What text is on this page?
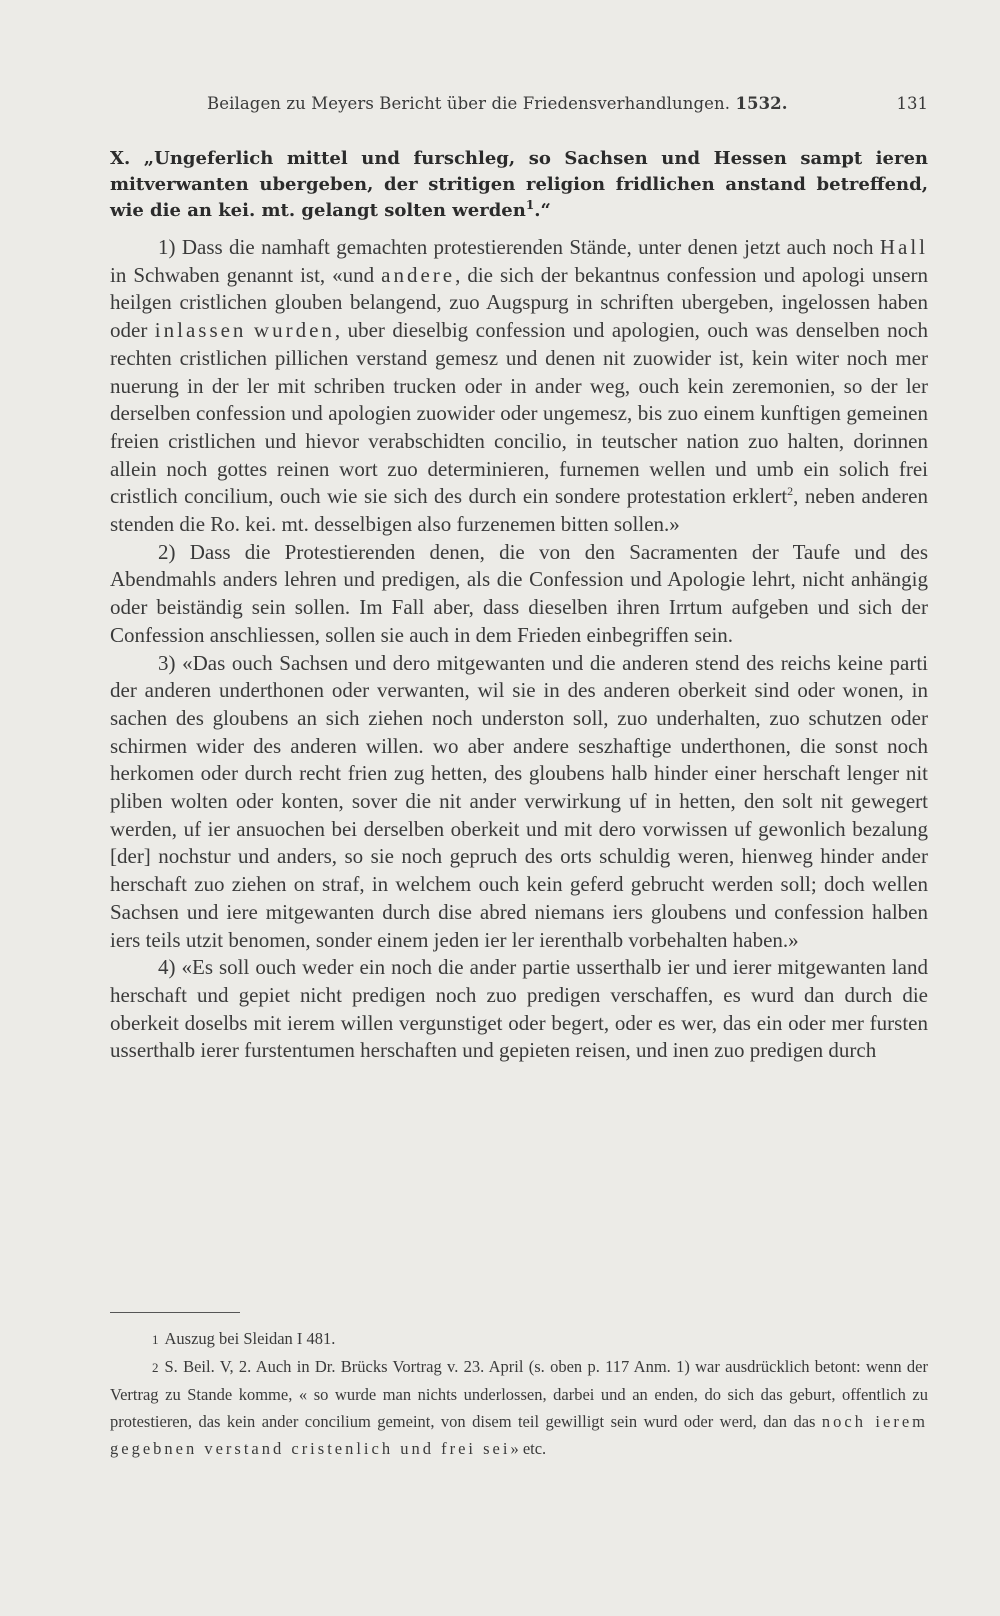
Beilagen zu Meyers Bericht über die Friedensverhandlungen. 1532.	131
X. „Ungeferlich mittel und furschleg, so Sachsen und Hessen sampt ieren mitverwanten ubergeben, der stritigen religion fridlichen anstand betreffend, wie die an kei. mt. gelangt solten werden$^1$.“

1) Dass die namhaft gemachten protestierenden Stände, unter denen jetzt auch noch Hall in Schwaben genannt ist, «und andere, die sich der bekantnus confession und apologi unsern heilgen cristlichen glouben belangend, zuo Augspurg in schriften ubergeben, ingelossen haben oder inlassen wurden, uber dieselbig confession und apologien, ouch was denselben noch rechten cristlichen pillichen verstand gemesz und denen nit zuowider ist, kein witer noch mer nuerung in der ler mit schriben trucken oder in ander weg, ouch kein zeremonien, so der ler derselben confession und apologien zuowider oder ungemesz, bis zuo einem kunftigen gemeinen freien cristlichen und hievor verabschidten concilio, in teutscher nation zuo halten, dorinnen allein noch gottes reinen wort zuo determinieren, furnemen wellen und umb ein solich frei cristlich concilium, ouch wie sie sich des durch ein sondere protestation erklert$^2$, neben anderen stenden die Ro. kei. mt. desselbigen also furzenemen bitten sollen.»

2) Dass die Protestierenden denen, die von den Sacramenten der Taufe und des Abendmahls anders lehren und predigen, als die Confession und Apologie lehrt, nicht anhängig oder beiständig sein sollen. Im Fall aber, dass dieselben ihren Irrtum aufgeben und sich der Confession anschliessen, sollen sie auch in dem Frieden einbegriffen sein.

3) «Das ouch Sachsen und dero mitgewanten und die anderen stend des reichs keine parti der anderen underthonen oder verwanten, wil sie in des anderen oberkeit sind oder wonen, in sachen des gloubens an sich ziehen noch underston soll, zuo underhalten, zuo schutzen oder schirmen wider des anderen willen. wo aber andere seszhaftige underthonen, die sonst noch herkomen oder durch recht frien zug hetten, des gloubens halb hinder einer herschaft lenger nit pliben wolten oder konten, sover die nit ander verwirkung uf in hetten, den solt nit gewegert werden, uf ier ansuochen bei derselben oberkeit und mit dero vorwissen uf gewonlich bezalung [der] nochstur und anders, so sie noch gepruch des orts schuldig weren, hienweg hinder ander herschaft zuo ziehen on straf, in welchem ouch kein geferd gebrucht werden soll; doch wellen Sachsen und iere mitgewanten durch dise abred niemans iers gloubens und confession halben iers teils utzit benomen, sonder einem jeden ier ler ierenthalb vorbehalten haben.»

4) «Es soll ouch weder ein noch die ander partie usserthalb ier und ierer mitgewanten land herschaft und gepiet nicht predigen noch zuo predigen verschaffen, es wurd dan durch die oberkeit doselbs mit ierem willen vergunstiget oder begert, oder es wer, das ein oder mer fursten usserthalb ierer furstentumen herschaften und gepieten reisen, und inen zuo predigen durch

1 Auszug bei Sleidan I 481.

2 S. Beil. V, 2. Auch in Dr. Brücks Vortrag v. 23. April (s. oben p. 117 Anm. 1) war ausdrücklich betont: wenn der Vertrag zu Stande komme, « so wurde man nichts underlossen, darbei und an enden, do sich das geburt, offentlich zu protestieren, das kein ander concilium gemeint, von disem teil gewilligt sein wurd oder werd, dan das noch ierem gegebnen verstand cristenlich und frei sei» etc.
